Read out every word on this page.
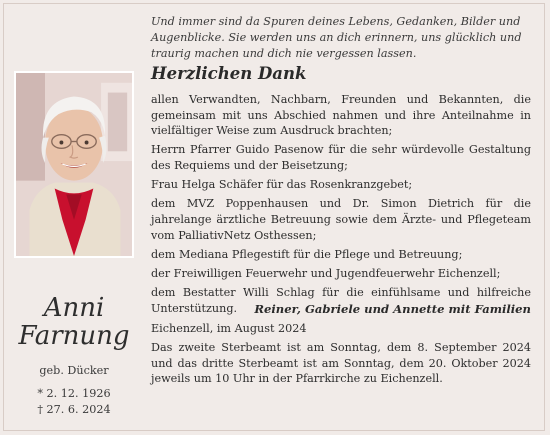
Und immer sind da Spuren deines Lebens, Gedanken, Bilder und Augenblicke. Sie werden uns an dich erinnern, uns glücklich und traurig machen und dich nie vergessen lassen.
Herzlichen Dank

allen Verwandten, Nachbarn, Freunden und Bekannten, die gemeinsam mit uns Abschied nahmen und ihre Anteilnahme in vielfältiger Weise zum Ausdruck brachten;

Herrn Pfarrer Guido Pasenow für die sehr würdevolle Gestaltung des Requiems und der Beisetzung;

Frau Helga Schäfer für das Rosenkranzgebet;

dem MVZ Poppenhausen und Dr. Simon Dietrich für die jahrelange ärztliche Betreuung sowie dem Ärzte- und Pflegeteam vom PalliativNetz Osthessen;

dem Mediana Pflegestift für die Pflege und Betreuung;

der Freiwilligen Feuerwehr und Jugendfeuerwehr Eichenzell;

dem Bestatter Willi Schlag für die einfühlsame und hilfreiche Unterstützung.

Anni
Farnung
geb. Dücker
* 2. 12. 1926
† 27. 6. 2024
Reiner, Gabriele und Annette mit Familien
Eichenzell, im August 2024
Das zweite Sterbeamt ist am Sonntag, dem 8. September 2024 und das dritte Sterbeamt ist am Sonntag, dem 20. Oktober 2024 jeweils um 10 Uhr in der Pfarrkirche zu Eichenzell.
